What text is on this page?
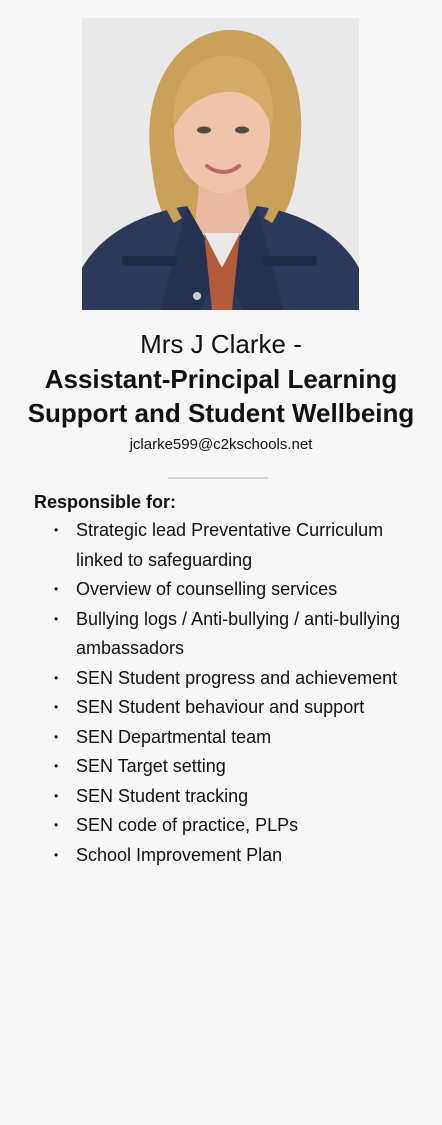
Mrs J Clarke -
Assistant-Principal Learning Support and Student Wellbeing
jclarke599@c2kschools.net
Responsible for:
• Strategic lead Preventative Curriculum linked to safeguarding
• Overview of counselling services
• Bullying logs / Anti-bullying / anti-bullying ambassadors
• SEN Student progress and achievement
• SEN Student behaviour and support
• SEN Departmental team
• SEN Target setting
• SEN Student tracking
• SEN code of practice, PLPs
• School Improvement Plan
